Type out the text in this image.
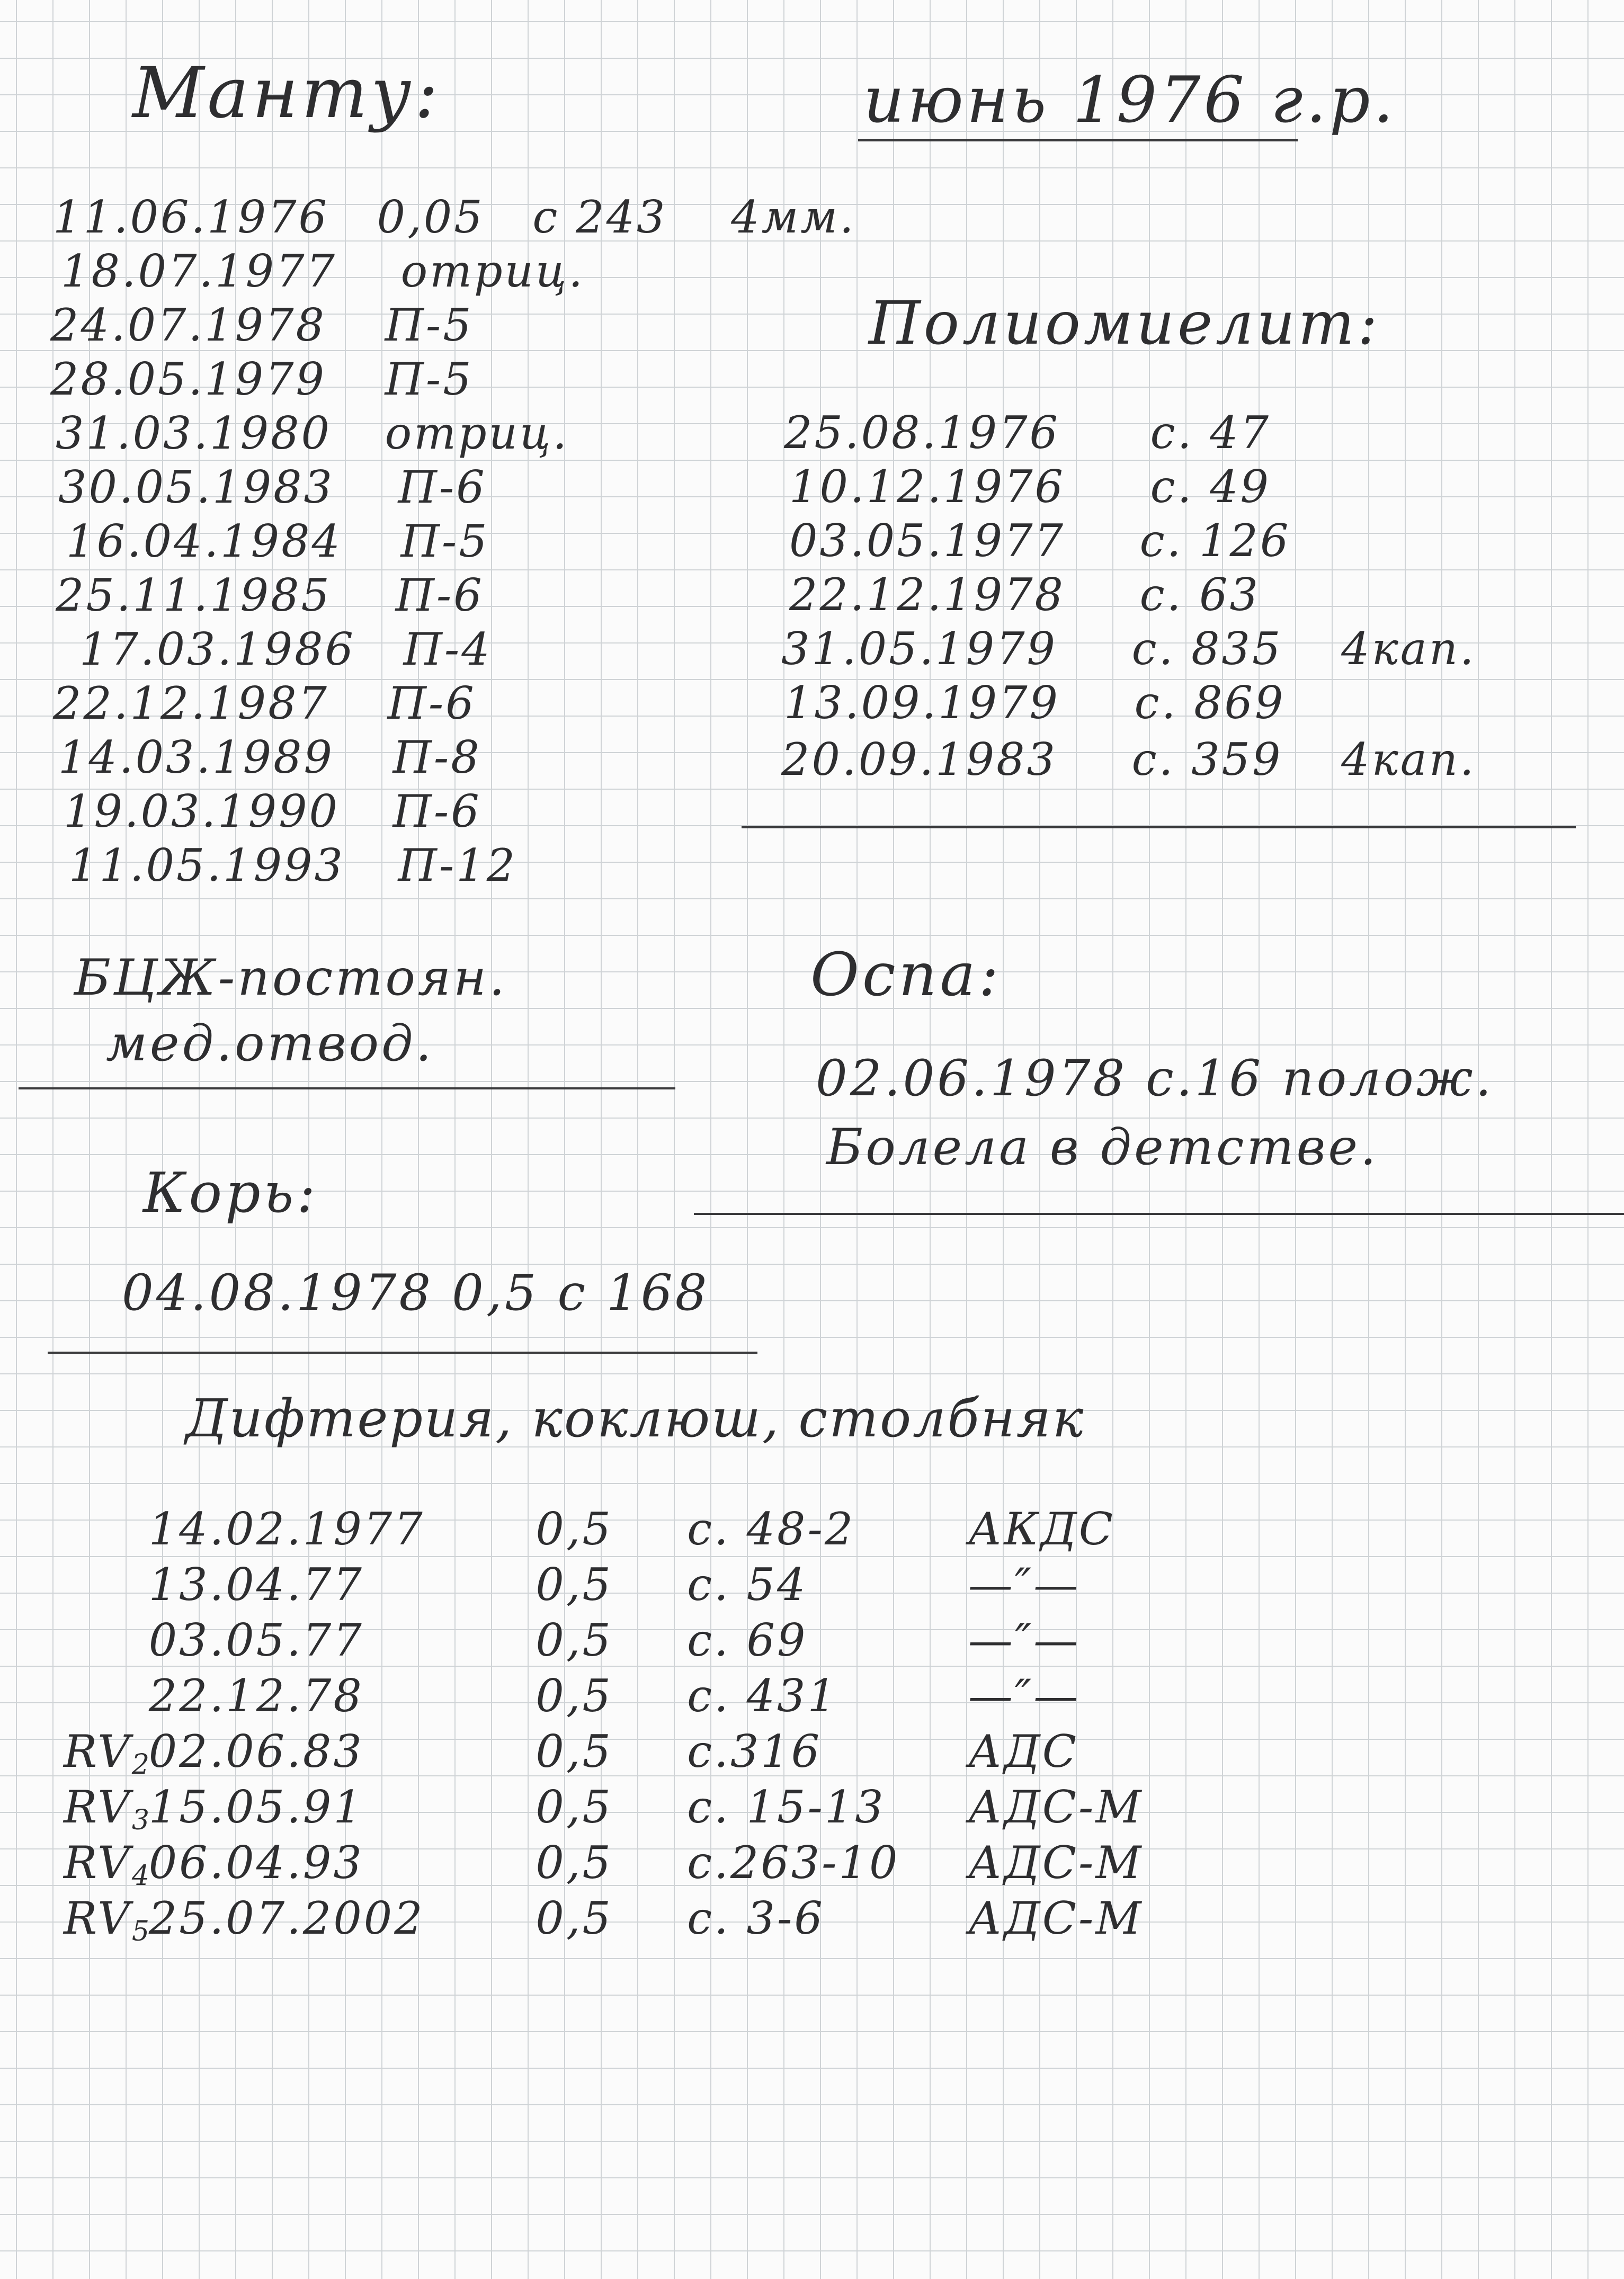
Манту:
11.06.1976 0,05 с 243 4мм.
18.07.1977 отриц.
24.07.1978 П-5
28.05.1979 П-5
31.03.1980 отриц.
30.05.1983 П-6
16.04.1984 П-5
25.11.1985 П-6
17.03.1986 П-4
22.12.1987 П-6
14.03.1989 П-8
19.03.1990 П-6
11.05.1993 П-12
июнь 1976 г.р.
Полиомиелит:
25.08.1976 с. 47
10.12.1976 с. 49
03.05.1977 с. 126
22.12.1978 с. 63
31.05.1979 с. 835 4кап.
13.09.1979 с. 869
20.09.1983 с. 359 4кап.
БЦЖ-постоян.
мед.отвод.
Оспа:
02.06.1978 с.16 полож.
Болела в детстве.
Корь:
04.08.1978 0,5 с 168
Дифтерия, коклюш, столбняк
14.02.1977 0,5 с. 48-2	АКДС
13.04.77	0,5 с. 54	—″—
03.05.77	0,5 с. 69	—″—
22.12.78	0,5 с. 431	—″—
$RV_2$ 02.06.83	0,5 с.316	АДС
$RV_3$ 15.05.91	0,5 с. 15-13 АДС-М
$RV_4$ 06.04.93	0,5 с.263-10 АДС-М
$RV_5$ 25.07.2002 0,5 с. 3-6	АДС-М
